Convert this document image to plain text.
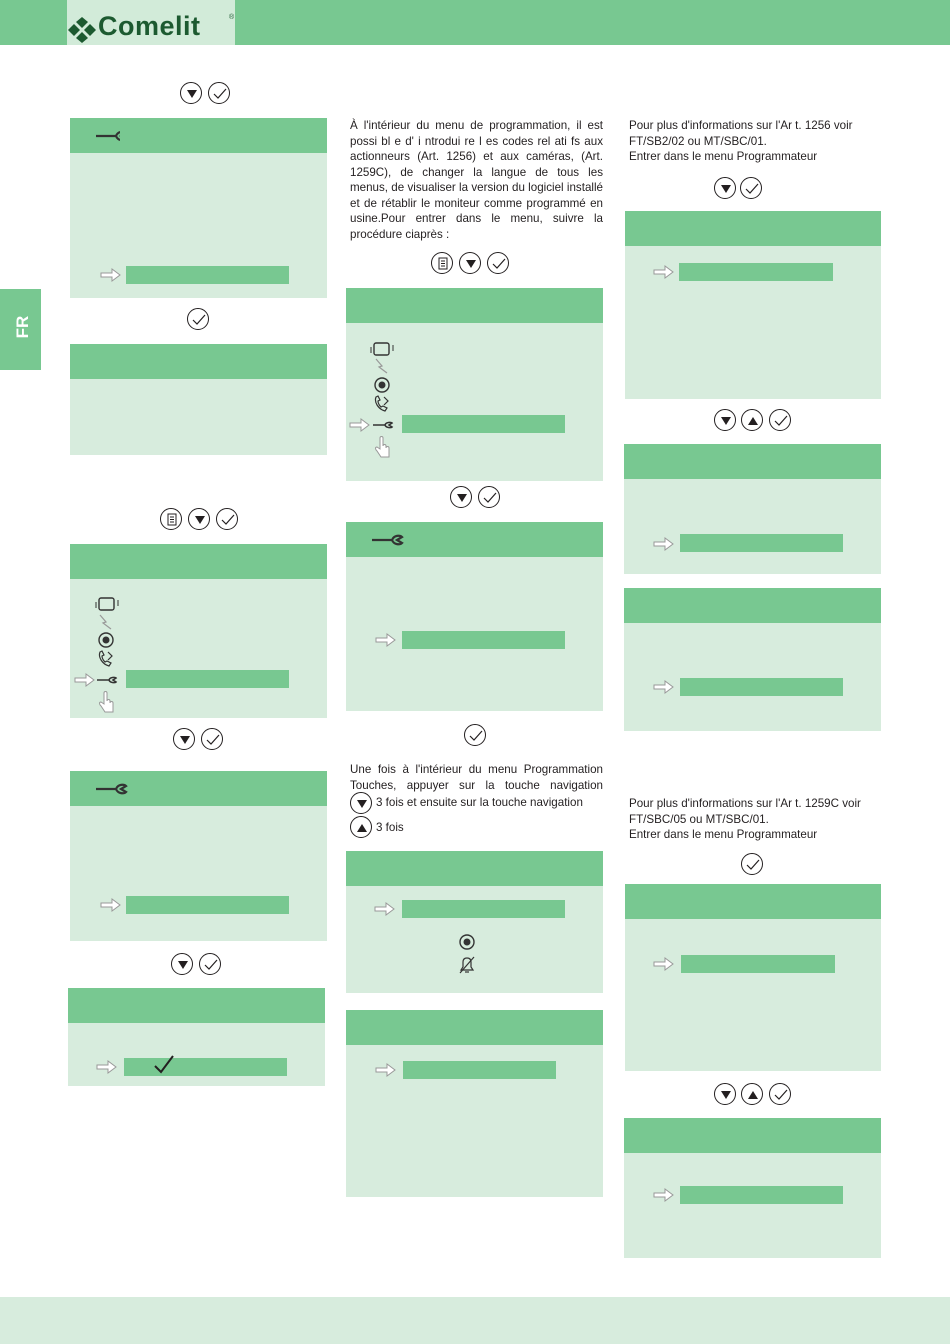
Comelit	®
FR
À l'intérieur du menu de programmation, il est possi bl e d' i ntrodui re l es codes rel ati fs aux actionneurs (Art. 1256) et aux caméras, (Art. 1259C), de changer la langue de tous les menus, de visualiser la version du logiciel installé et de rétablir le moniteur comme programmé en usine.Pour entrer dans le menu, suivre la procédure ciaprès :
Une fois à l'intérieur du menu Programmation Touches, appuyer sur la touche navigation
3 fois et ensuite sur la touche navigation
3 fois
Pour plus d'informations sur l'Ar t. 1256 voir FT/SB2/02 ou MT/SBC/01.
Entrer dans le menu Programmateur
Pour plus d'informations sur l'Ar t. 1259C voir FT/SBC/05 ou MT/SBC/01.
Entrer dans le menu Programmateur
